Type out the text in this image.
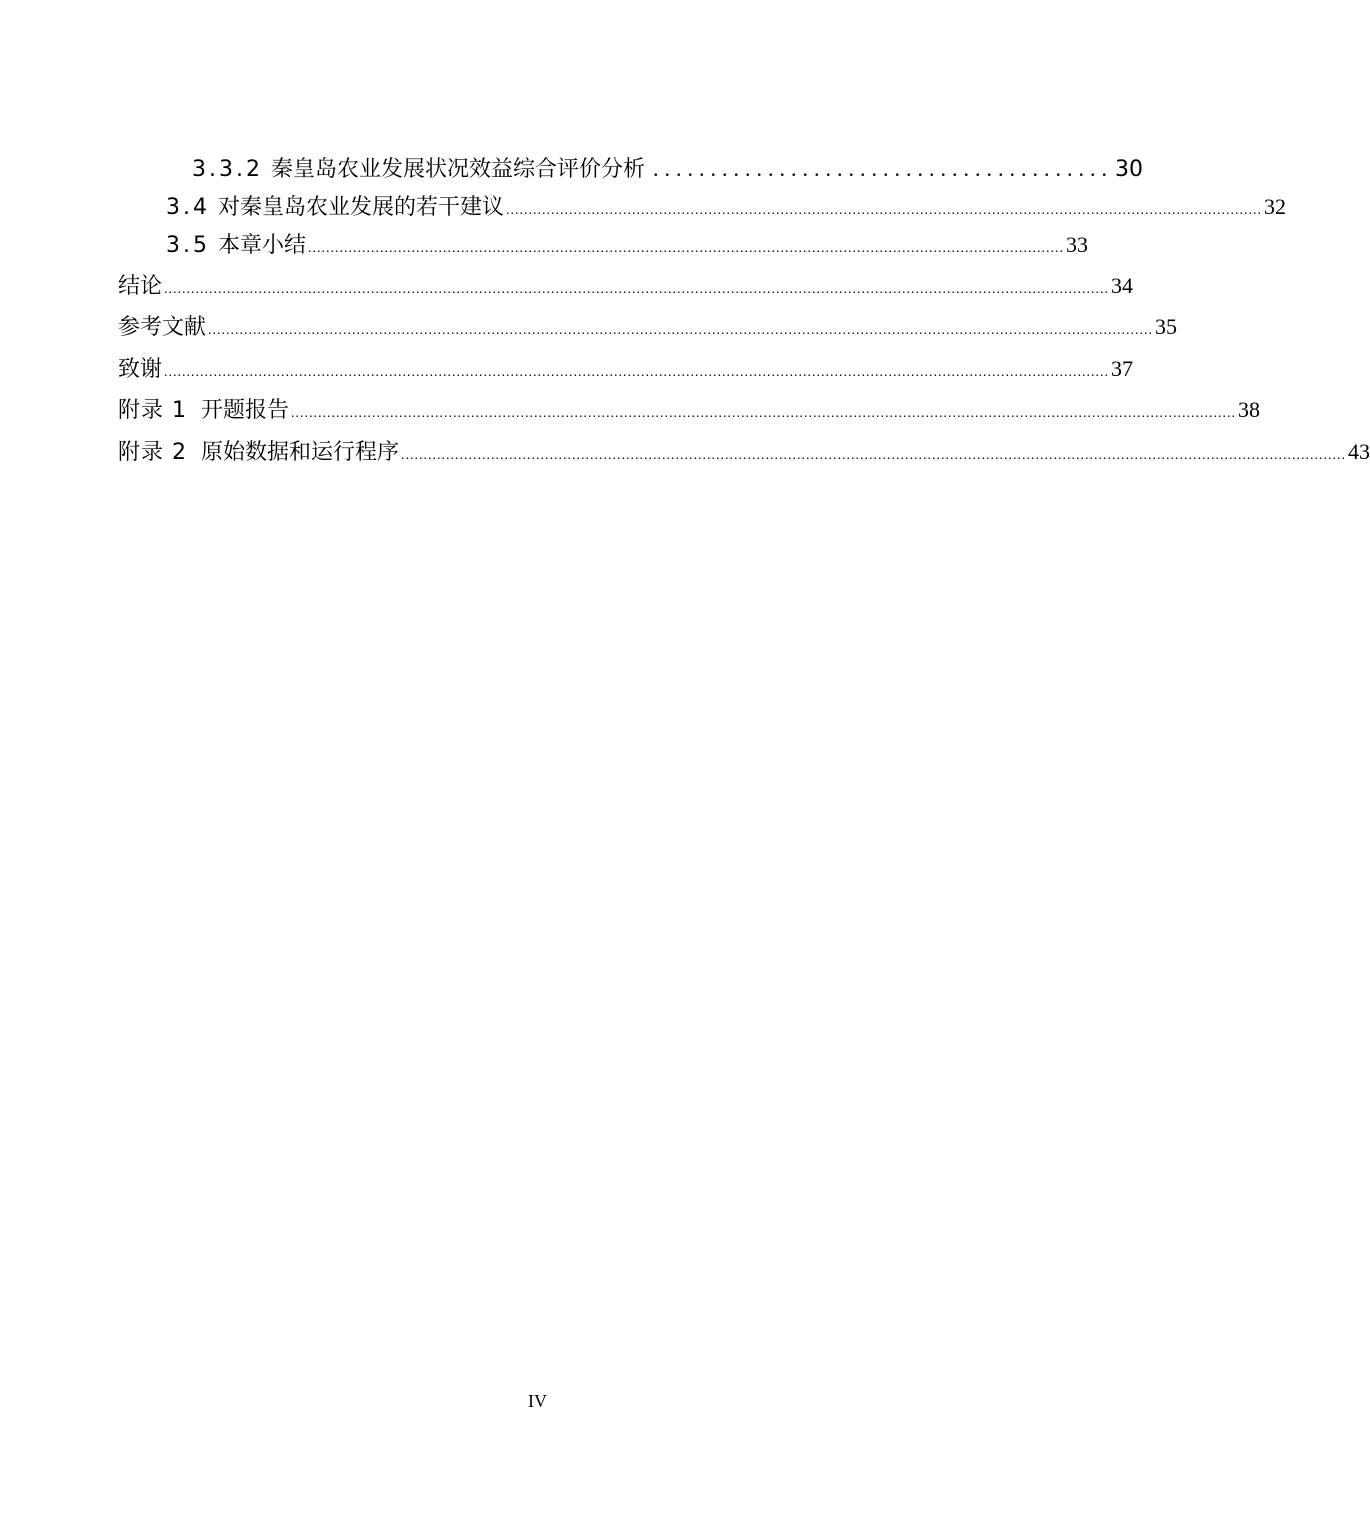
3.3.2 秦皇岛农业发展状况效益综合评价分析 ........................................ 30
3.4 对秦皇岛农业发展的若干建议 ........................................................................................................................................................................ 32
3.5 本章小结 ........................................................................................................................................................................ 33
结论 .................................................................................................................................................................................................................. 34
参考文献 .................................................................................................................................................................................................................. 35
致谢 .................................................................................................................................................................................................................. 37
附录 1 开题报告 .................................................................................................................................................................................................................. 38
附录 2 原始数据和运行程序 .................................................................................................................................................................................................................. 43
IV
